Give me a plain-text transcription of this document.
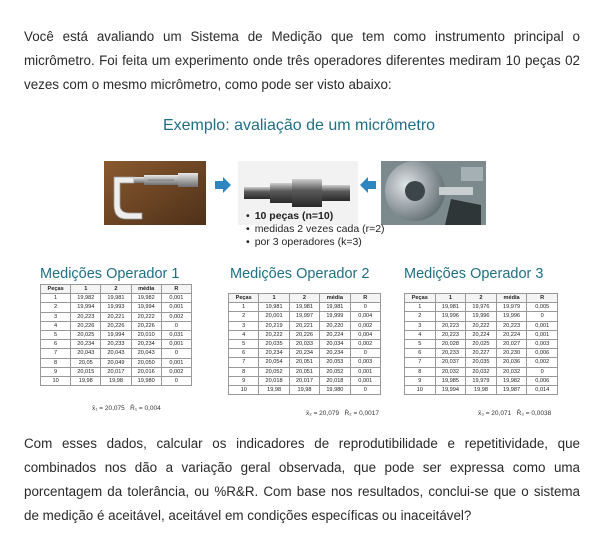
Você está avaliando um Sistema de Medição que tem como instrumento principal o micrômetro. Foi feita um experimento onde três operadores diferentes mediram 10 peças 02 vezes com o mesmo micrômetro, como pode ser visto abaixo:

Exemplo: avaliação de um micrômetro
• 10 peças (n=10)
• medidas 2 vezes cada (r=2)
• por 3 operadores (k=3)
Medições Operador 1	Medições Operador 2 Medições Operador 3
Peças	1	2	média	R
1	19,982	19,981	19,982	0,001
2	19,994	19,993	19,994	0,001
3	20,223	20,221	20,222	0,002
4	20,226	20,226	20,226	0
5	20,025	19,994	20,010	0,031
6	20,234	20,233	20,234	0,001
7	20,043	20,043	20,043	0
8	20,05	20,049	20,050	0,001
9	20,015	20,017	20,016	0,002
10	19,98	19,98	19,980	0
Peças	1	2	média	R
1	19,981	19,981	19,981	0
2	20,001	19,997	19,999	0,004
3	20,219	20,221	20,220	0,002
4	20,222	20,226	20,224	0,004
5	20,035	20,033	20,034	0,002
6	20,234	20,234	20,234	0
7	20,054	20,051	20,053	0,003
8	20,052	20,051	20,052	0,001
9	20,018	20,017	20,018	0,001
10	19,98	19,98	19,980	0
Peças	1	2	média	R
1	19,981	19,976	19,979	0,005
2	19,996	19,996	19,996	0
3	20,223	20,222	20,223	0,001
4	20,223	20,224	20,224	0,001
5	20,028	20,025	20,027	0,003
6	20,233	20,227	20,230	0,006
7	20,037	20,035	20,036	0,002
8	20,032	20,032	20,032	0
9	19,985	19,979	19,982	0,006
10	19,994	19,98	19,987	0,014
x̄₁ = 20,075 R̄₁ = 0,004
x̄₂ = 20,079 R̄₂ = 0,0017	x̄₃ = 20,071 R̄₃ = 0,0038

Com esses dados, calcular os indicadores de reprodutibilidade e repetitividade, que combinados nos dão a variação geral observada, que pode ser expressa como uma porcentagem da tolerância, ou %R&R. Com base nos resultados, conclui-se que o sistema de medição é aceitável, aceitável em condições específicas ou inaceitável?
